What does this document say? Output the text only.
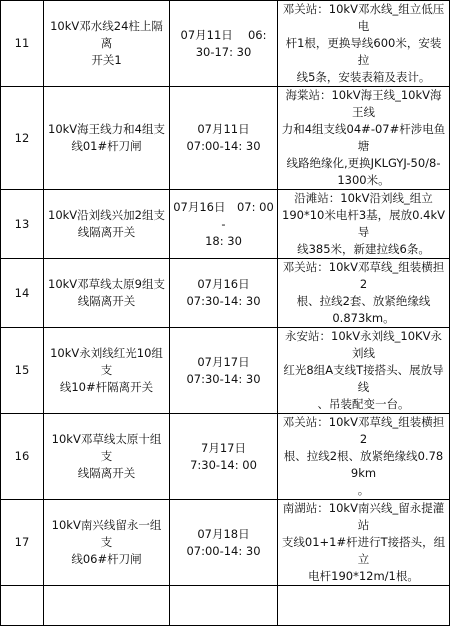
11	10kV邓水线24柱上隔离
开关1	07月11日　 06:
30-17: 30	邓关站：10kV邓水线_组立低压电
杆1根，更换导线600米，安装拉
线5条，安装表箱及表计。

12	10kV海王线力和4组支
线01#杆刀闸	07月11日
07:00-14: 30	海棠站：10kV海王线_10kV海王线
力和4组支线04#-07#杆涉电鱼塘
线路绝缘化,更换JKLGYJ-50/8-
1300米。

13	10kV沿刘线兴加2组支
线隔离开关	07月16日　07: 00-
18: 30	沿滩站：10kV沿刘线_组立
190*10米电杆3基，展放0.4kV导
线385米，新建拉线6条。

14	10kV邓草线太原9组支
线隔离开关	07月16日
07:30-14: 30	邓关站：10kV邓草线_组装横担2
根、拉线2套、放紧绝缘线
0.873km。

15	10kV永刘线红光10组支
线10#杆隔离开关	07月17日
07:30-14: 30	永安站：10kV永刘线_10KV永刘线
红光8组A支线T接搭头、展放导线
、吊装配变一台。

16	10kV邓草线太原十组支
线隔离开关	7月17日
7:30-14: 00	邓关站：10kV邓草线_组装横担2
根、拉线2根、放紧绝缘线0.789km
。

17	10kV南兴线留永一组支
线06#杆刀闸	07月18日
07:00-14: 30	南湖站：10kV南兴线_留永提灌站
支线01+1#杆进行T接搭头，组立
电杆190*12m/1根。
